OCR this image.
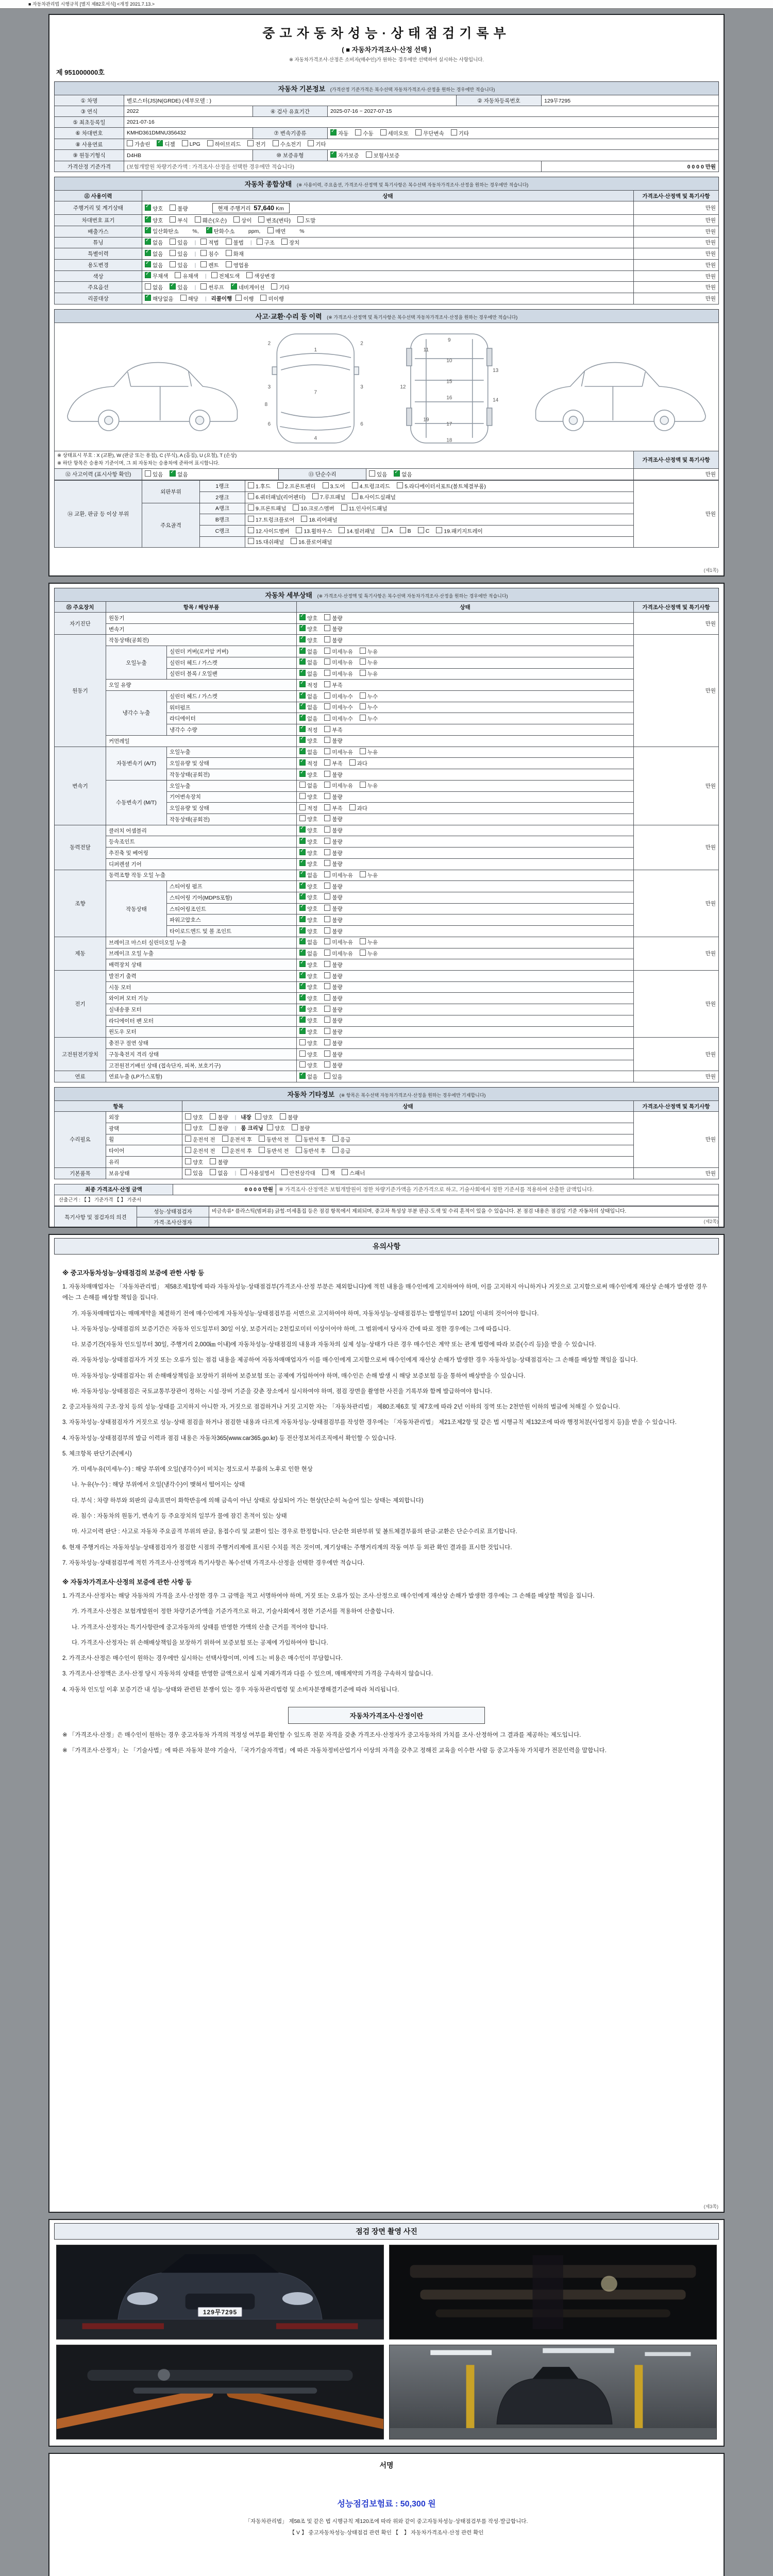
■ 자동차관리법 시행규칙 [별지 제82호서식] <개정 2021.7.13.>
중고자동차성능·상태점검기록부
( ■ 자동차가격조사·산정 선택 )
※ 자동차가격조사·산정은 소비자(매수인)가 원하는 경우에만 선택하여 실시하는 사항입니다.
제 951000000호
자동차 기본정보 (가격산정 기준가격은 복수선택 자동차가격조사·산정을 원하는 경우에만 적습니다)
① 차명	벨로스터(JS)N(GRDE) (세부모델 : )			② 자동차등록번호	129무7295
③ 연식	2022	④ 검사 유효기간	2025-07-16 ~ 2027-07-15		
⑤ 최초등록일	2021-07-16				
⑥ 차대번호	KMHD361DMNU356432	⑦ 변속기종류	✓자동 수동 세미오토 무단변속 기타
⑧ 사용연료	가솔린 ✓ 디젤 LPG 하이브리드 전기 수소전기 기타
⑨ 원동기형식	D4HB	⑩ 보증유형	✓자가보증 보험사보증
가격산정 기준가격	(보험개발원 차량기준가액 : 가격조사·산정을 선택한 경우에만 적습니다)				0 0 0 0 만원
자동차 종합상태 (※ 사용이력, 주요옵션, 가격조사·산정액 및 특기사항은 복수선택 자동차가격조사·산정을 원하는 경우에만 적습니다)
⑪ 사용이력	상태	가격조사·산정액 및 특기사항
주행거리 및 계기상태	✓양호 불량 현재 주행거리 57,640 Km	만원
차대번호 표기	✓양호 부식 훼손(오손) 상이 변조(변타) 도말	만원
배출가스	✓일산화탄소    %, ✓ 탄화수소    ppm, 매연    %	만원
튜닝	✓없음 있음 | 적법 불법 | 구조 장치	만원
특별이력	✓없음 있음 | 침수 화재	만원
용도변경	✓없음 있음 | 렌트 영업용	만원
색상	✓무채색 유채색 | 전체도색 색상변경	만원
주요옵션	없음 ✓ 있음 | 썬루프 ✓ 네비게이션 기타	만원
리콜대상	✓해당없음 해당 | 리콜이행 이행 미이행	만원
사고·교환·수리 등 이력 (※ 가격조사·산정액 및 특기사항은 복수선택 자동차가격조사·산정을 원하는 경우에만 적습니다)
1
2	2
3	3
4
6	6
7
8
9
10
11
12
13
14
15
16
17
18
19
※ 상태표시 부호 : X (교환), W (판금 또는 용접), C (부식), A (흠집), U (요철), T (손상)
※ 하단 항목은 승용차 기준이며, 그 외 자동차는 승용차에 준하여 표시합니다.				가격조사·산정액 및 특기사항
⑫ 사고이력 (표시사항 확인)	있음 ✓ 없음	⑬ 단순수리	있음 ✓ 없음	만원
⑭ 교환, 판금 등 이상 부위	외판부위	1랭크	1.후드 2.프론트펜더 3.도어 4.트렁크리드 5.라디에이터서포트(볼트체결부품)	만원
		2랭크	6.쿼터패널(리어펜더) 7.루프패널 8.사이드실패널	
	주요골격	A랭크	9.프론트패널 10.크로스멤버 11.인사이드패널	
		B랭크	17.트렁크플로어 18.리어패널	
		C랭크	12.사이드멤버 13.휠하우스 14.필러패널 A B C 19.패키지트레이	
			15.대쉬패널 16.플로어패널	
(제1쪽)
자동차 세부상태 (※ 가격조사·산정액 및 특기사항은 복수선택 자동차가격조사·산정을 원하는 경우에만 적습니다)
⑮ 주요장치	항목 / 해당부품		상태	가격조사·산정액 및 특기사항
자기진단	원동기	✓양호 불량	만원
	변속기	✓양호 불량
원동기	작동상태(공회전)	✓양호 불량	만원
	오일누출	실린더 커버(로커암 커버)	✓없음 미세누유 누유
		실린더 헤드 / 가스켓	✓없음 미세누유 누유
		실린더 블록 / 오일팬	✓없음 미세누유 누유
	오일 유량	✓적정 부족
	냉각수 누출	실린더 헤드 / 가스켓	✓없음 미세누수 누수
		워터펌프	✓없음 미세누수 누수
		라디에이터	✓없음 미세누수 누수
		냉각수 수량	✓적정 부족
	커먼레일	✓양호 불량
변속기	자동변속기 (A/T)	오일누출	✓없음 미세누유 누유	만원
		오일유량 및 상태	✓적정 부족 과다
		작동상태(공회전)	✓양호 불량
	수동변속기 (M/T)	오일누출	없음 미세누유 누유	
		기어변속장치	양호 불량	
		오일유량 및 상태	적정 부족 과다	
		작동상태(공회전)	양호 불량	
동력전달	클러치 어셈블리	✓양호 불량	만원
	등속조인트	✓양호 불량
	추진축 및 베어링	✓양호 불량
	디퍼렌셜 기어	✓양호 불량
조향	동력조향 작동 오일 누출	✓없음 미세누유 누유	만원
	작동상태	스티어링 펌프	✓양호 불량
		스티어링 기어(MDPS포함)	✓양호 불량
		스티어링조인트	✓양호 불량
		파워고압호스	✓양호 불량
		타이로드엔드 및 볼 조인트	✓양호 불량
제동	브레이크 마스터 실린더오일 누출	✓없음 미세누유 누유	만원
	브레이크 오일 누출	✓없음 미세누유 누유
	배력장치 상태	✓양호 불량
전기	발전기 출력	✓양호 불량	만원
	시동 모터	✓양호 불량
	와이퍼 모터 기능	✓양호 불량
	실내송풍 모터	✓양호 불량
	라디에이터 팬 모터	✓양호 불량
	윈도우 모터	✓양호 불량
고전원전기장치	충전구 절연 상태		양호 불량	만원
	구동축전지 격리 상태		양호 불량	
	고전원전기배선 상태 (접속단자, 피복, 보호기구)		양호 불량	
연료	연료누출 (LP가스포함)	✓없음 있음	만원
자동차 기타정보 (※ 항목은 복수선택 자동차가격조사·산정을 원하는 경우에만 기재합니다)
항목		상태	가격조사·산정액 및 특기사항
수리필요	외장	양호 불량 | 내장 양호 불량	만원
	광택	양호 불량 | 룸 크리닝 양호 불량	
	휠	운전석 전 운전석 후 동반석 전 동반석 후 응급	
	타이어	운전석 전 운전석 후 동반석 전 동반석 후 응급	
	유리	양호 불량	
기본품목	보유상태	있음 없음 | 사용설명서 안전삼각대 잭 스패너	만원
최종 가격조사·산정 금액	0 0 0 0 만원	※ 가격조사·산정액은 보험개발원이 정한 차량기준가액을 기준가격으로 하고, 기술사회에서 정한 기준서를 적용하여 산출한 금액입니다.
산출근거 : 【 】 기준가격 【 】 기준서
특기사항 및 점검자의 의견	성능·상태점검자	비금속류* 플라스틱(범퍼류) 긁힘·미세흠집 등은 점검 항목에서 제외되며, 중고차 특성상 부분 판금·도색 및 수리 흔적이 있을 수 있습니다. 본 점검 내용은 점검일 기준 자동차의 상태입니다.
	가격·조사산정자		(제2쪽)
유의사항
※ 중고자동차성능·상태점검의 보증에 관한 사항 등
1. 자동차매매업자는 「자동차관리법」 제58조제1항에 따라 자동차성능·상태점검부(가격조사·산정 부분은 제외합니다)에 적힌 내용을 매수인에게 고지하여야 하며, 이를 고지하지 아니하거나 거짓으로 고지함으로써 매수인에게 재산상 손해가 발생한 경우에는 그 손해를 배상할 책임을 집니다.
가. 자동차매매업자는 매매계약을 체결하기 전에 매수인에게 자동차성능·상태점검부를 서면으로 고지하여야 하며, 자동차성능·상태점검부는 발행일부터 120일 이내의 것이어야 합니다.
나. 자동차성능·상태점검의 보증기간은 자동차 인도일부터 30일 이상, 보증거리는 2천킬로미터 이상이어야 하며, 그 범위에서 당사자 간에 따로 정한 경우에는 그에 따릅니다.
다. 보증기간(자동차 인도일부터 30일, 주행거리 2,000㎞ 이내)에 자동차성능·상태점검의 내용과 자동차의 실제 성능·상태가 다른 경우 매수인은 계약 또는 관계 법령에 따라 보증(수리 등)을 받을 수 있습니다.
라. 자동차성능·상태점검자가 거짓 또는 오류가 있는 점검 내용을 제공하여 자동차매매업자가 이를 매수인에게 고지함으로써 매수인에게 재산상 손해가 발생한 경우 자동차성능·상태점검자는 그 손해를 배상할 책임을 집니다.
마. 자동차성능·상태점검자는 위 손해배상책임을 보장하기 위하여 보증보험 또는 공제에 가입하여야 하며, 매수인은 손해 발생 시 해당 보증보험 등을 통하여 배상받을 수 있습니다.
바. 자동차성능·상태점검은 국토교통부장관이 정하는 시설·장비 기준을 갖춘 장소에서 실시하여야 하며, 점검 장면을 촬영한 사진을 기록부와 함께 발급하여야 합니다.
2. 중고자동차의 구조·장치 등의 성능·상태를 고지하지 아니한 자, 거짓으로 점검하거나 거짓 고지한 자는 「자동차관리법」 제80조제6호 및 제7호에 따라 2년 이하의 징역 또는 2천만원 이하의 벌금에 처해질 수 있습니다.
3. 자동차성능·상태점검자가 거짓으로 성능·상태 점검을 하거나 점검한 내용과 다르게 자동차성능·상태점검부를 작성한 경우에는 「자동차관리법」 제21조제2항 및 같은 법 시행규칙 제132조에 따라 행정처분(사업정지 등)을 받을 수 있습니다.
4. 자동차성능·상태점검부의 발급 이력과 점검 내용은 자동차365(www.car365.go.kr) 등 전산정보처리조직에서 확인할 수 있습니다.
5. 체크항목 판단기준(예시)
가. 미세누유(미세누수) : 해당 부위에 오일(냉각수)이 비치는 정도로서 부품의 노후로 인한 현상
나. 누유(누수) : 해당 부위에서 오일(냉각수)이 맺혀서 떨어지는 상태
다. 부식 : 차량 하부와 외판의 금속표면이 화학반응에 의해 금속이 아닌 상태로 상실되어 가는 현상(단순히 녹슬어 있는 상태는 제외합니다)
라. 침수 : 자동차의 원동기, 변속기 등 주요장치의 일부가 물에 잠긴 흔적이 있는 상태
마. 사고이력 판단 : 사고로 자동차 주요골격 부위의 판금, 용접수리 및 교환이 있는 경우로 한정합니다. 단순한 외판부위 및 볼트체결부품의 판금·교환은 단순수리로 표기합니다.
6. 현재 주행거리는 자동차성능·상태점검자가 점검한 시점의 주행거리계에 표시된 수치를 적은 것이며, 계기상태는 주행거리계의 작동 여부 등 외관 확인 결과를 표시한 것입니다.
7. 자동차성능·상태점검부에 적힌 가격조사·산정액과 특기사항은 복수선택 가격조사·산정을 선택한 경우에만 적습니다.
※ 자동차가격조사·산정의 보증에 관한 사항 등
1. 가격조사·산정자는 해당 자동차의 가격을 조사·산정한 경우 그 금액을 적고 서명하여야 하며, 거짓 또는 오류가 있는 조사·산정으로 매수인에게 재산상 손해가 발생한 경우에는 그 손해를 배상할 책임을 집니다.
가. 가격조사·산정은 보험개발원이 정한 차량기준가액을 기준가격으로 하고, 기술사회에서 정한 기준서를 적용하여 산출합니다.
나. 가격조사·산정자는 특기사항란에 중고자동차의 상태를 반영한 가액의 산출 근거를 적어야 합니다.
다. 가격조사·산정자는 위 손해배상책임을 보장하기 위하여 보증보험 또는 공제에 가입하여야 합니다.
2. 가격조사·산정은 매수인이 원하는 경우에만 실시하는 선택사항이며, 이에 드는 비용은 매수인이 부담합니다.
3. 가격조사·산정액은 조사·산정 당시 자동차의 상태를 반영한 금액으로서 실제 거래가격과 다를 수 있으며, 매매계약의 가격을 구속하지 않습니다.
4. 자동차 인도일 이후 보증기간 내 성능·상태와 관련된 분쟁이 있는 경우 자동차관리법령 및 소비자분쟁해결기준에 따라 처리됩니다.
자동차가격조사·산정이란
※ 「가격조사·산정」은 매수인이 원하는 경우 중고자동차 가격의 적정성 여부를 확인할 수 있도록 전문 자격을 갖춘 가격조사·산정자가 중고자동차의 가치를 조사·산정하여 그 결과를 제공하는 제도입니다.
※ 「가격조사·산정자」는 「기술사법」에 따른 자동차 분야 기술사, 「국가기술자격법」에 따른 자동차정비산업기사 이상의 자격을 갖추고 정해진 교육을 이수한 사람 등 중고자동차 가치평가 전문인력을 말합니다.
(제3쪽)
점검 장면 촬영 사진
129무7295
서명
성능점검보험료 : 50,300 원
「자동차관리법」 제58조 및 같은 법 시행규칙 제120조에 따라 위와 같이 중고자동차성능·상태점검부를 작성·발급합니다.
【 V 】 중고자동차성능·상태점검 관련 확인 【　】 자동차가격조사·산정 관련 확인
